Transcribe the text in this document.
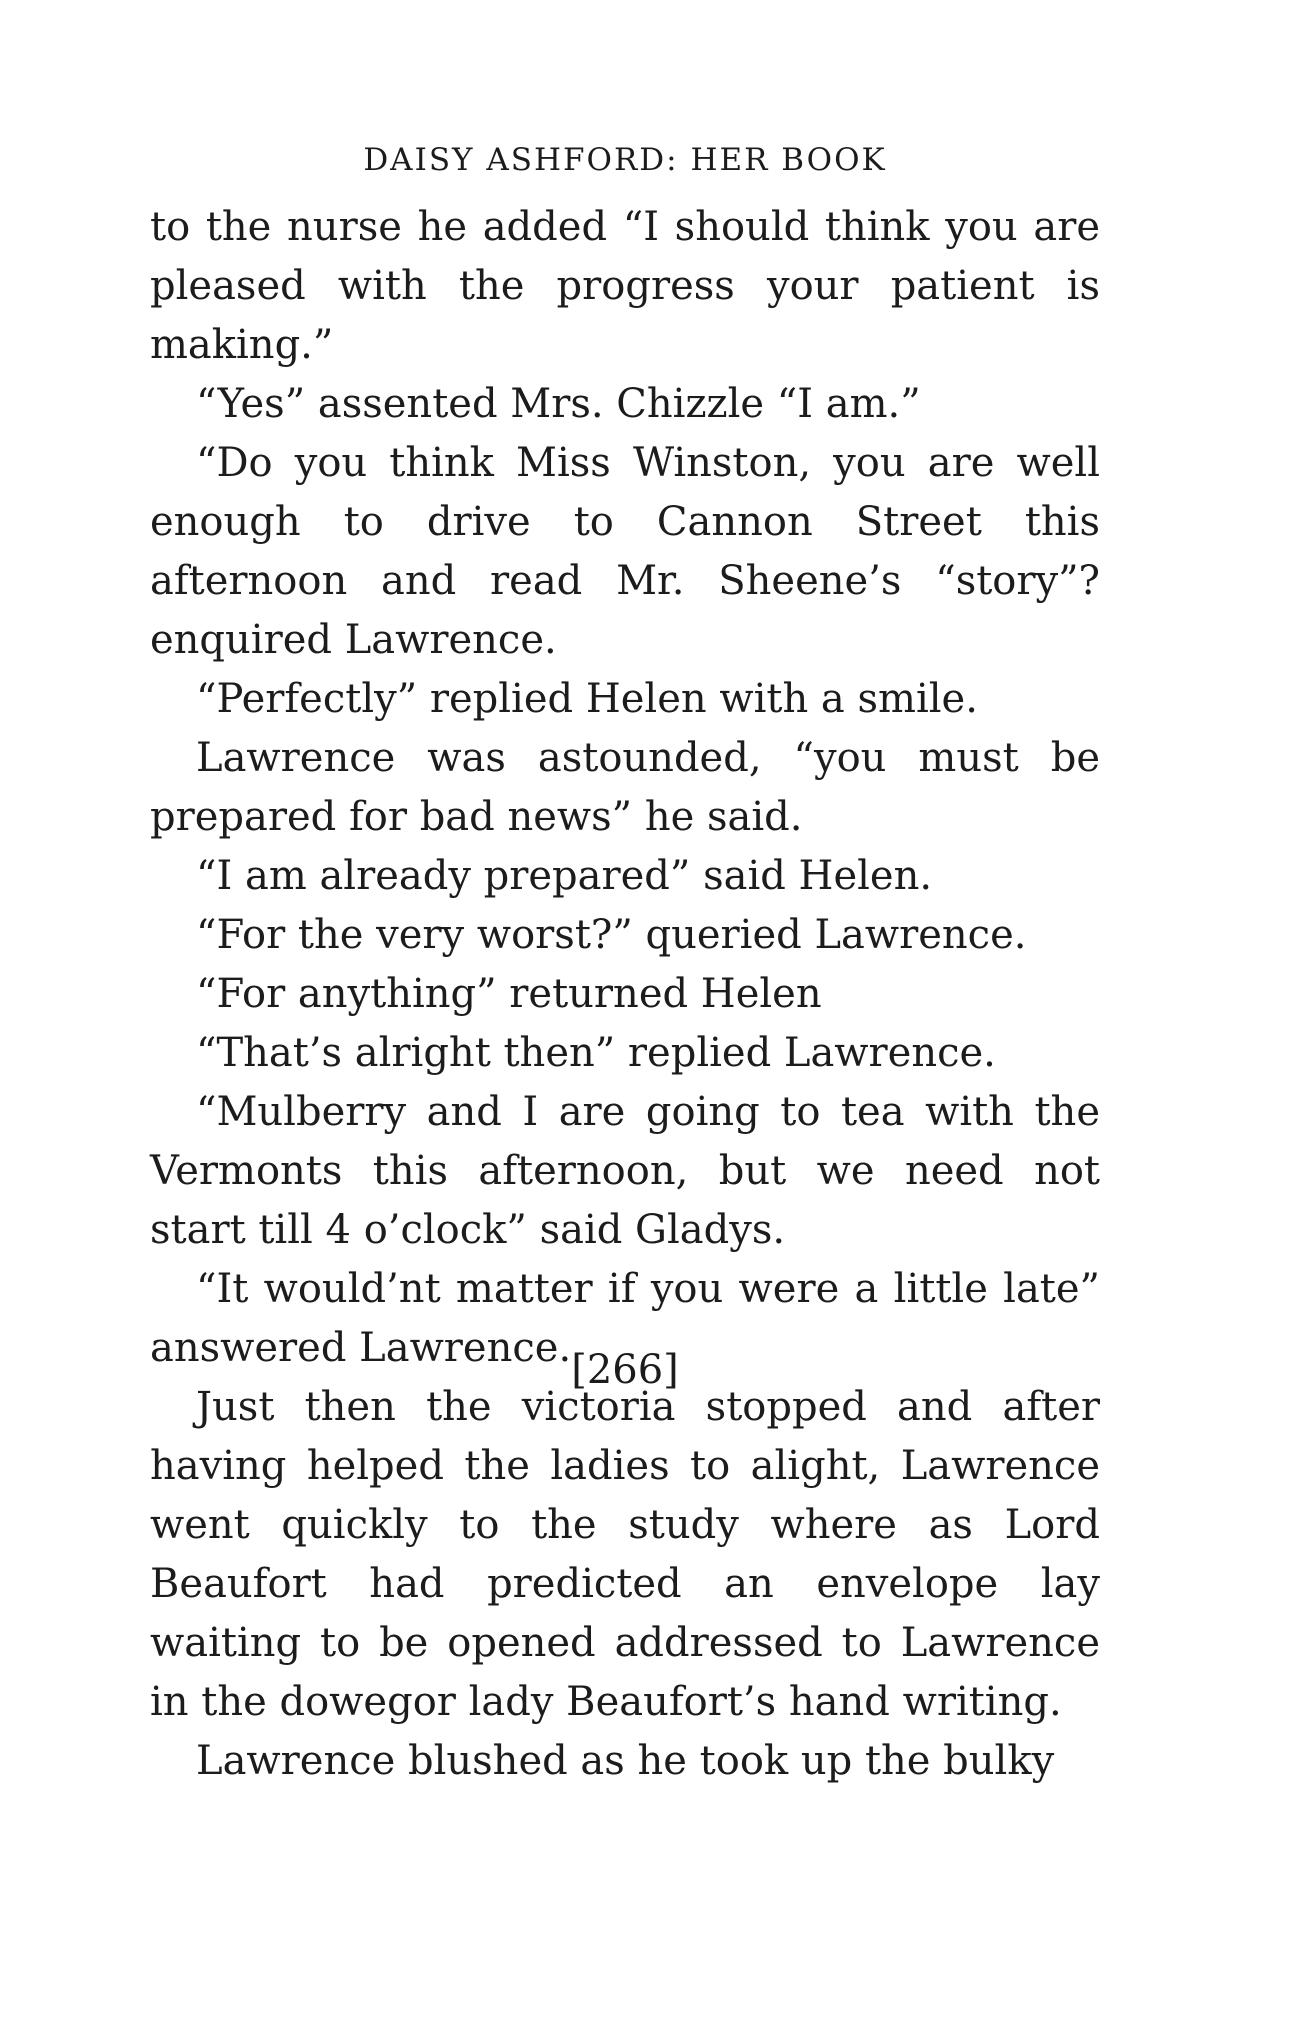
DAISY ASHFORD: HER BOOK

to the nurse he added “I should think you are pleased with the progress your patient is making.”

“Yes” assented Mrs. Chizzle “I am.”

“Do you think Miss Winston, you are well enough to drive to Cannon Street this afternoon and read Mr. Sheene’s “story”? enquired Lawrence.

“Perfectly” replied Helen with a smile.

Lawrence was astounded, “you must be prepared for bad news” he said.

“I am already prepared” said Helen.

“For the very worst?” queried Lawrence.

“For anything” returned Helen

“That’s alright then” replied Lawrence.

“Mulberry and I are going to tea with the Vermonts this afternoon, but we need not start till 4 o’clock” said Gladys.

“It would’nt matter if you were a little late” answered Lawrence.

Just then the victoria stopped and after having helped the ladies to alight, Lawrence went quickly to the study where as Lord Beaufort had predicted an envelope lay waiting to be opened addressed to Lawrence in the dowegor lady Beaufort’s hand writing.

Lawrence blushed as he took up the bulky

[266]
